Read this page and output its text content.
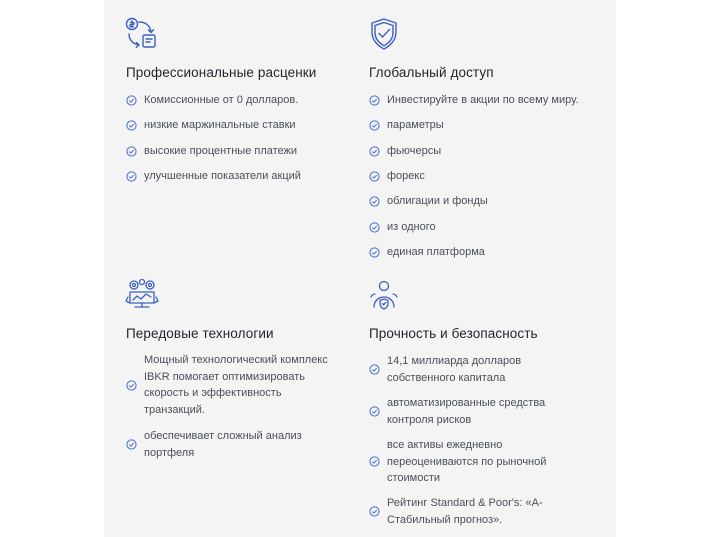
Профессиональные расценки
Комиссионные от 0 долларов.
низкие маржинальные ставки
высокие процентные платежи
улучшенные показатели акций
Глобальный доступ
Инвестируйте в акции по всему миру.
параметры
фьючерсы
форекс
облигации и фонды
из одного
единая платформа
Передовые технологии
Мощный технологический комплекс
IBKR помогает оптимизировать
скорость и эффективность
транзакций.
обеспечивает сложный анализ
портфеля
Прочность и безопасность
14,1 миллиарда долларов
собственного капитала
автоматизированные средства
контроля рисков
все активы ежедневно
переоцениваются по рыночной
стоимости
Рейтинг Standard & Poor's: «A-
Стабильный прогноз».
